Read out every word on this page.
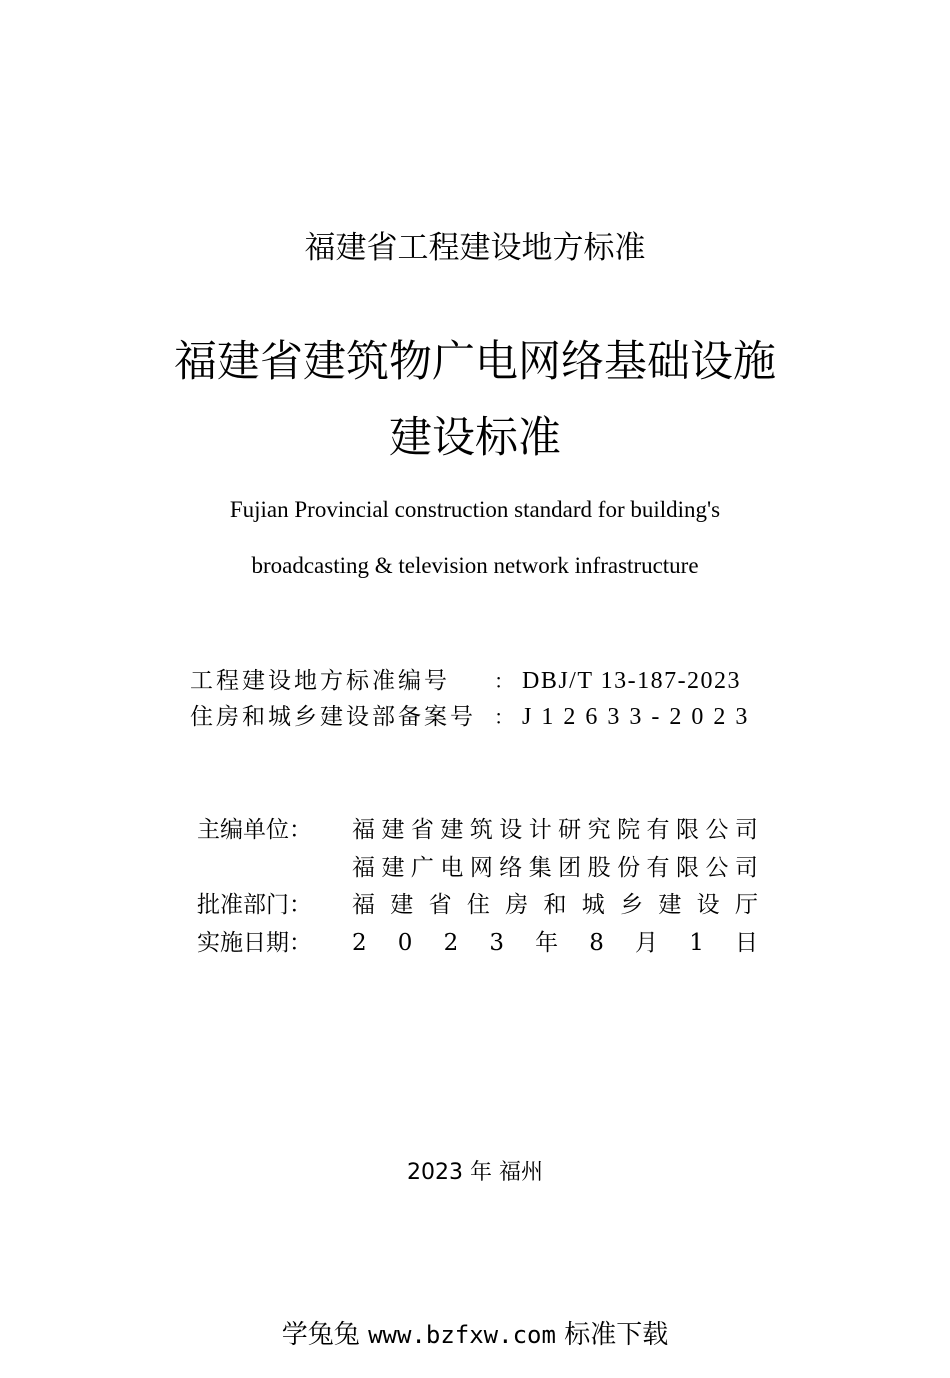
福建省工程建设地方标准
福建省建筑物广电网络基础设施
建设标准
Fujian Provincial construction standard for building's
broadcasting & television network infrastructure
工程建设地方标准编号 ： DBJ/T 13-187-2023
住房和城乡建设部备案号 ： J12633-2023
主编单位： 福 建 省 建 筑 设 计 研 究 院 有 限 公 司
福 建 广 电 网 络 集 团 股 份 有 限 公 司
批准部门： 福 建 省 住 房 和 城 乡 建 设 厅
实施日期： 2 0 2 3 年 8 月 1 日
2023 年 福州
学兔兔 www.bzfxw.com 标准下载
